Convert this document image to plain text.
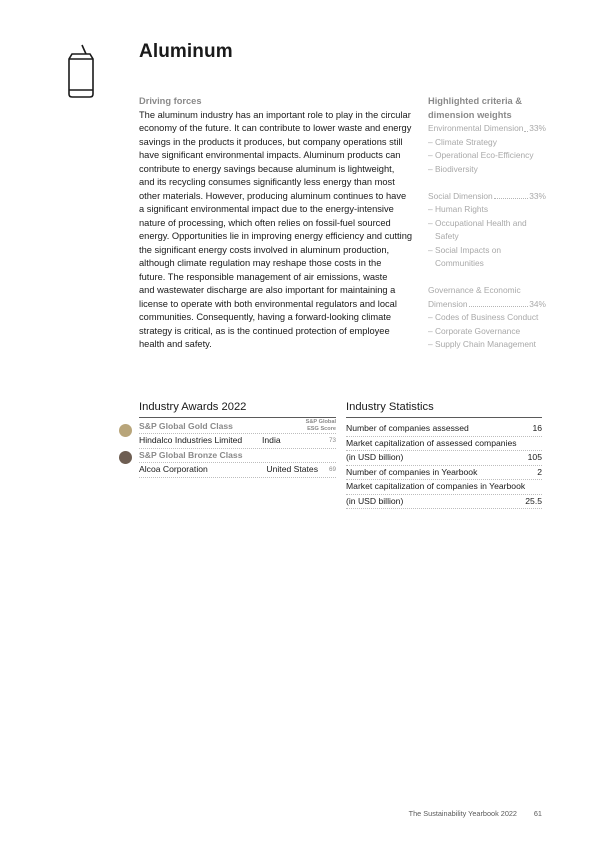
Aluminum
Driving forces
The aluminum industry has an important role to play in the circular
economy of the future. It can contribute to lower waste and energy
savings in the products it produces, but company operations still
have significant environmental impacts. Aluminum products can
contribute to energy savings because aluminum is lightweight,
and its recycling consumes significantly less energy than most
other materials. However, producing aluminum continues to have
a significant environmental impact due to the energy-intensive
nature of processing, which often relies on fossil-fuel sourced
energy. Opportunities lie in improving energy efficiency and cutting
the significant energy costs involved in aluminum production,
although climate regulation may reshape those costs in the
future. The responsible management of air emissions, waste
and wastewater discharge are also important for maintaining a
license to operate with both environmental regulators and local
communities. Consequently, having a forward-looking climate
strategy is critical, as is the continued protection of employee
health and safety.
Highlighted criteria &
dimension weights
Environmental Dimension 33%
– Climate Strategy
– Operational Eco-Efficiency
– Biodiversity
Social Dimension	33%
– Human Rights
– Occupational Health and
Safety
– Social Impacts on
Communities
Governance & Economic
Dimension	34%
– Codes of Business Conduct
– Corporate Governance
– Supply Chain Management
Industry Awards 2022
S&P Global Gold Class	S&P Global
ESG Score
Hindalco Industries Limited	India	73
S&P Global Bronze Class
Alcoa Corporation	United States	69
Industry Statistics
Number of companies assessed	16
Market capitalization of assessed companies
(in USD billion)	105
Number of companies in Yearbook	2
Market capitalization of companies in Yearbook
(in USD billion)	25.5
The Sustainability Yearbook 2022 61
